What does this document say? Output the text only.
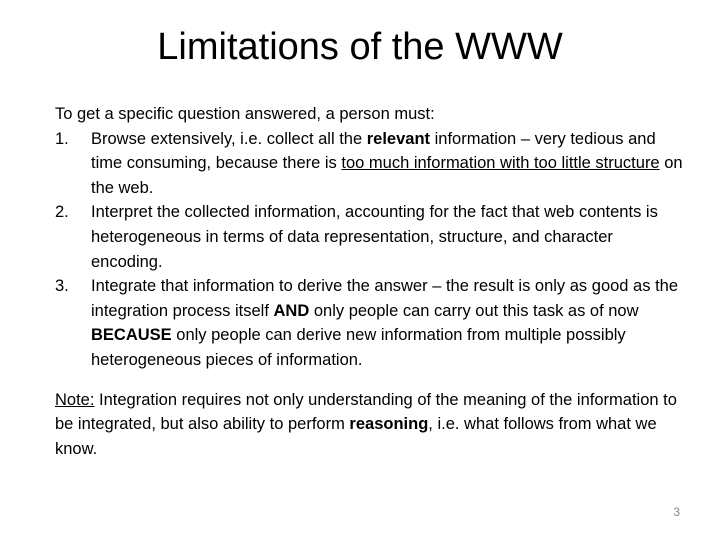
Limitations of the WWW

To get a specific question answered, a person must:

1. Browse extensively, i.e. collect all the relevant information – very tedious and time consuming, because there is too much information with too little structure on the web.
2. Interpret the collected information, accounting for the fact that web contents is heterogeneous in terms of data representation, structure, and character encoding.
3. Integrate that information to derive the answer – the result is only as good as the integration process itself AND only people can carry out this task as of now BECAUSE only people can derive new information from multiple possibly heterogeneous pieces of information.

Note: Integration requires not only understanding of the meaning of the information to be integrated, but also ability to perform reasoning, i.e. what follows from what we know.

3
